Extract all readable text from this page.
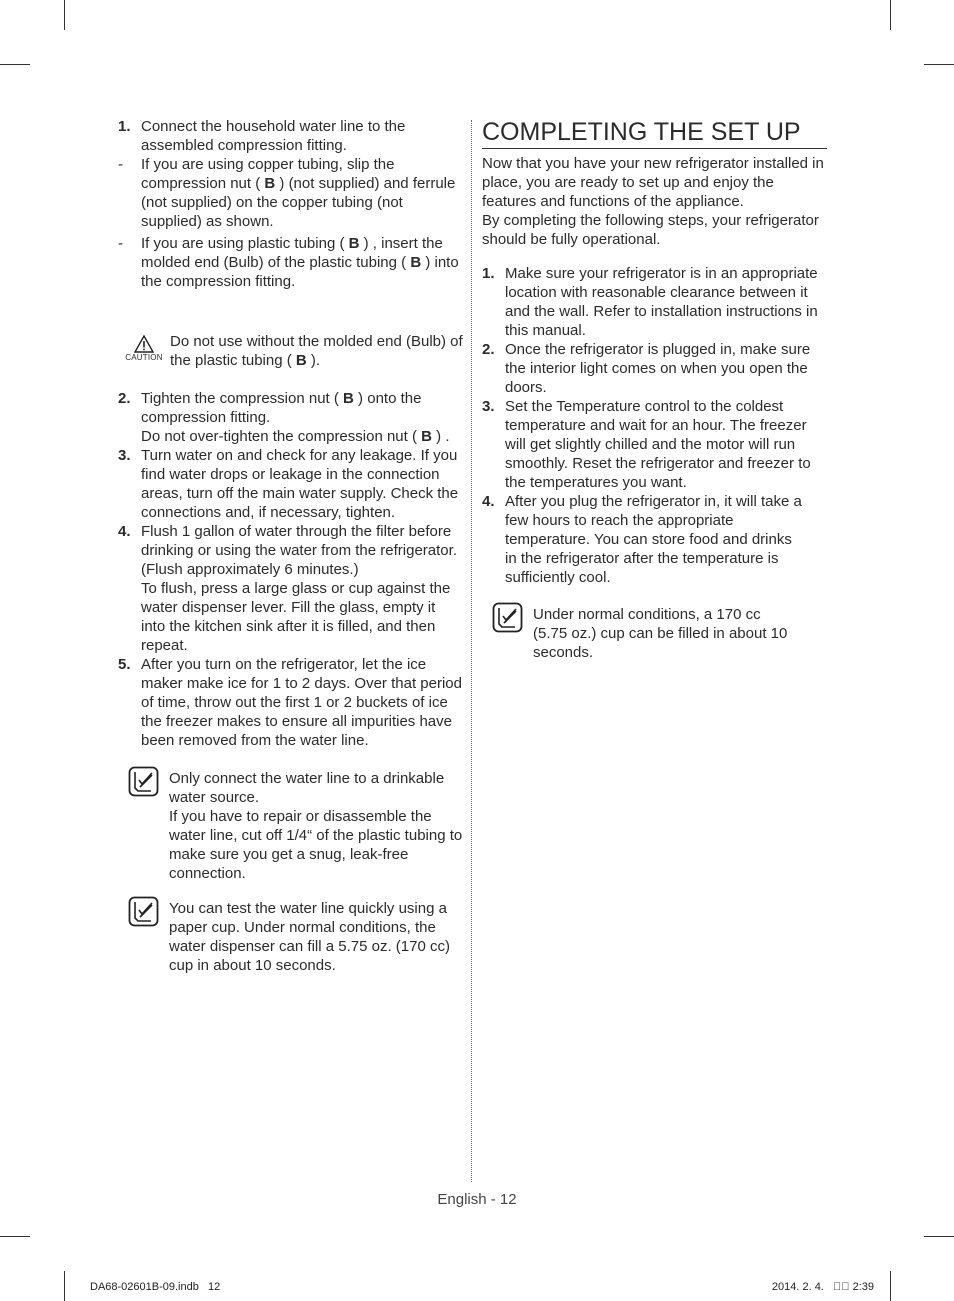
1. Connect the household water line to the assembled compression fitting.
-	If you are using copper tubing, slip the compression nut ( B ) (not supplied) and ferrule (not supplied) on the copper tubing (not supplied) as shown.
-	If you are using plastic tubing ( B ) , insert the molded end (Bulb) of the plastic tubing ( B ) into the compression fitting.
CAUTION
Do not use without the molded end (Bulb) of the plastic tubing ( B ).
2. Tighten the compression nut ( B ) onto the compression fitting.
Do not over-tighten the compression nut ( B ) .
3. Turn water on and check for any leakage. If you find water drops or leakage in the connection areas, turn off the main water supply. Check the connections and, if necessary, tighten.
4. Flush 1 gallon of water through the filter before drinking or using the water from the refrigerator. (Flush approximately 6 minutes.)
To flush, press a large glass or cup against the water dispenser lever. Fill the glass, empty it into the kitchen sink after it is filled, and then repeat.
5. After you turn on the refrigerator, let the ice maker make ice for 1 to 2 days. Over that period of time, throw out the first 1 or 2 buckets of ice the freezer makes to ensure all impurities have been removed from the water line.
Only connect the water line to a drinkable water source.
If you have to repair or disassemble the water line, cut off 1/4“ of the plastic tubing to make sure you get a snug, leak-free connection.
You can test the water line quickly using a paper cup. Under normal conditions, the water dispenser can fill a 5.75 oz. (170 cc) cup in about 10 seconds.
COMPLETING THE SET UP
Now that you have your new refrigerator installed in place, you are ready to set up and enjoy the features and functions of the appliance.
By completing the following steps, your refrigerator should be fully operational.
1. Make sure your refrigerator is in an appropriate location with reasonable clearance between it and the wall. Refer to installation instructions in this manual.
2. Once the refrigerator is plugged in, make sure the interior light comes on when you open the doors.
3. Set the Temperature control to the coldest temperature and wait for an hour. The freezer will get slightly chilled and the motor will run smoothly. Reset the refrigerator and freezer to the temperatures you want.
4. After you plug the refrigerator in, it will take a few hours to reach the appropriate temperature. You can store food and drinks in the refrigerator after the temperature is sufficiently cool.
Under normal conditions, a 170 cc (5.75 oz.) cup can be filled in about 10 seconds.
English - 12
DA68-02601B-09.indb   12	2014. 2. 4.      2:39
